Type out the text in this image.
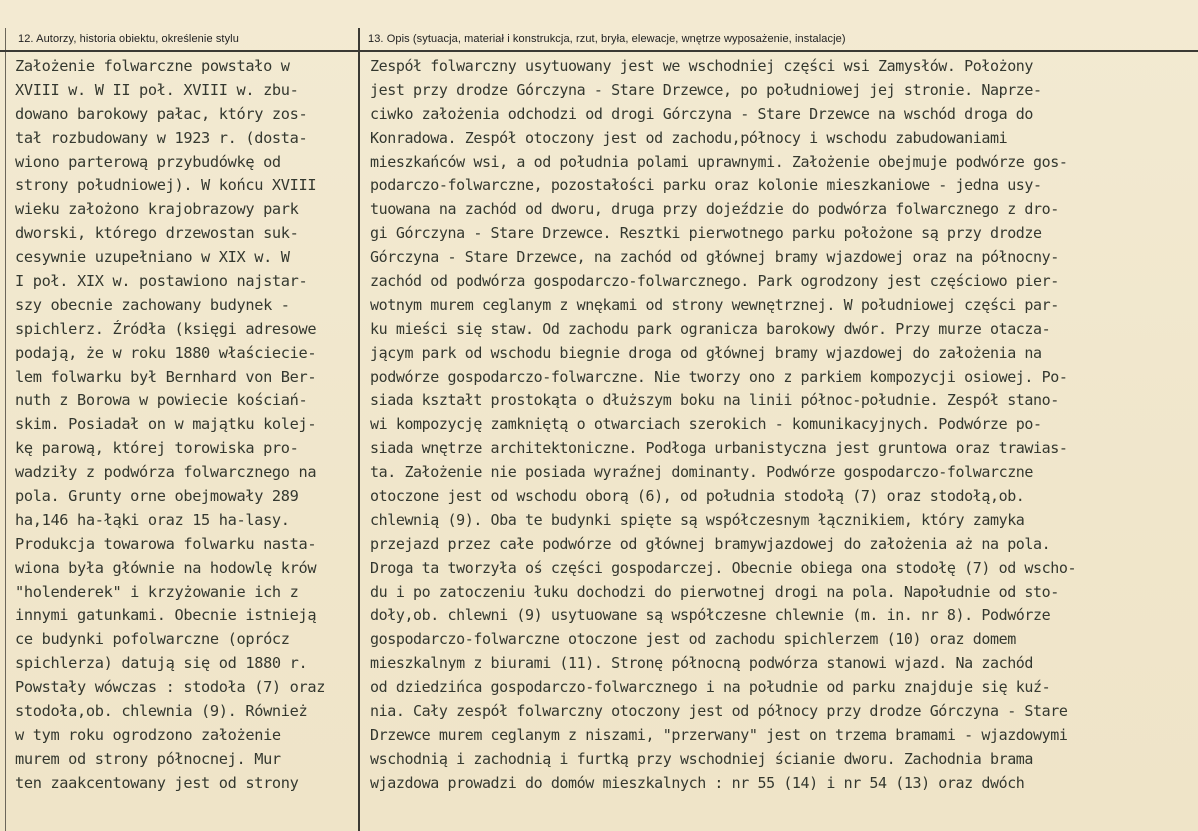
12. Autorzy, historia obiektu, określenie stylu	13. Opis (sytuacja, materiał i konstrukcja, rzut, bryła, elewacje, wnętrze wyposażenie, instalacje)
Założenie folwarczne powstało w
XVIII w. W II poł. XVIII w. zbu-
dowano barokowy pałac, który zos-
tał rozbudowany w 1923 r. (dosta-
wiono parterową przybudówkę od
strony południowej). W końcu XVIII
wieku założono krajobrazowy park
dworski, którego drzewostan suk-
cesywnie uzupełniano w XIX w. W
I poł. XIX w. postawiono najstar-
szy obecnie zachowany budynek -
spichlerz. Źródła (księgi adresowe
podają, że w roku 1880 właściecie-
lem folwarku był Bernhard von Ber-
nuth z Borowa w powiecie kościań-
skim. Posiadał on w majątku kolej-
kę parową, której torowiska pro-
wadziły z podwórza folwarcznego na
pola. Grunty orne obejmowały 289
ha,146 ha-łąki oraz 15 ha-lasy.
Produkcja towarowa folwarku nasta-
wiona była głównie na hodowlę krów
"holenderek" i krzyżowanie ich z
innymi gatunkami. Obecnie istnieją
ce budynki pofolwarczne (oprócz
spichlerza) datują się od 1880 r.
Powstały wówczas : stodoła (7) oraz
stodoła,ob. chlewnia (9). Również
w tym roku ogrodzono założenie
murem od strony północnej. Mur
ten zaakcentowany jest od strony
Zespół folwarczny usytuowany jest we wschodniej części wsi Zamysłów. Położony
jest przy drodze Górczyna - Stare Drzewce, po południowej jej stronie. Naprze-
ciwko założenia odchodzi od drogi Górczyna - Stare Drzewce na wschód droga do
Konradowa. Zespół otoczony jest od zachodu,północy i wschodu zabudowaniami
mieszkańców wsi, a od południa polami uprawnymi. Założenie obejmuje podwórze gos-
podarczo-folwarczne, pozostałości parku oraz kolonie mieszkaniowe - jedna usy-
tuowana na zachód od dworu, druga przy dojeździe do podwórza folwarcznego z dro-
gi Górczyna - Stare Drzewce. Resztki pierwotnego parku położone są przy drodze
Górczyna - Stare Drzewce, na zachód od głównej bramy wjazdowej oraz na północny-
zachód od podwórza gospodarczo-folwarcznego. Park ogrodzony jest częściowo pier-
wotnym murem ceglanym z wnękami od strony wewnętrznej. W południowej części par-
ku mieści się staw. Od zachodu park ogranicza barokowy dwór. Przy murze otacza-
jącym park od wschodu biegnie droga od głównej bramy wjazdowej do założenia na
podwórze gospodarczo-folwarczne. Nie tworzy ono z parkiem kompozycji osiowej. Po-
siada kształt prostokąta o dłuższym boku na linii północ-południe. Zespół stano-
wi kompozycję zamkniętą o otwarciach szerokich - komunikacyjnych. Podwórze po-
siada wnętrze architektoniczne. Podłoga urbanistyczna jest gruntowa oraz trawias-
ta. Założenie nie posiada wyraźnej dominanty. Podwórze gospodarczo-folwarczne
otoczone jest od wschodu oborą (6), od południa stodołą (7) oraz stodołą,ob.
chlewnią (9). Oba te budynki spięte są współczesnym łącznikiem, który zamyka
przejazd przez całe podwórze od głównej bramywjazdowej do założenia aż na pola.
Droga ta tworzyła oś części gospodarczej. Obecnie obiega ona stodołę (7) od wscho-
du i po zatoczeniu łuku dochodzi do pierwotnej drogi na pola. Napołudnie od sto-
doły,ob. chlewni (9) usytuowane są współczesne chlewnie (m. in. nr 8). Podwórze
gospodarczo-folwarczne otoczone jest od zachodu spichlerzem (10) oraz domem
mieszkalnym z biurami (11). Stronę północną podwórza stanowi wjazd. Na zachód
od dziedzińca gospodarczo-folwarcznego i na południe od parku znajduje się kuź-
nia. Cały zespół folwarczny otoczony jest od północy przy drodze Górczyna - Stare
Drzewce murem ceglanym z niszami, "przerwany" jest on trzema bramami - wjazdowymi
wschodnią i zachodnią i furtką przy wschodniej ścianie dworu. Zachodnia brama
wjazdowa prowadzi do domów mieszkalnych : nr 55 (14) i nr 54 (13) oraz dwóch
